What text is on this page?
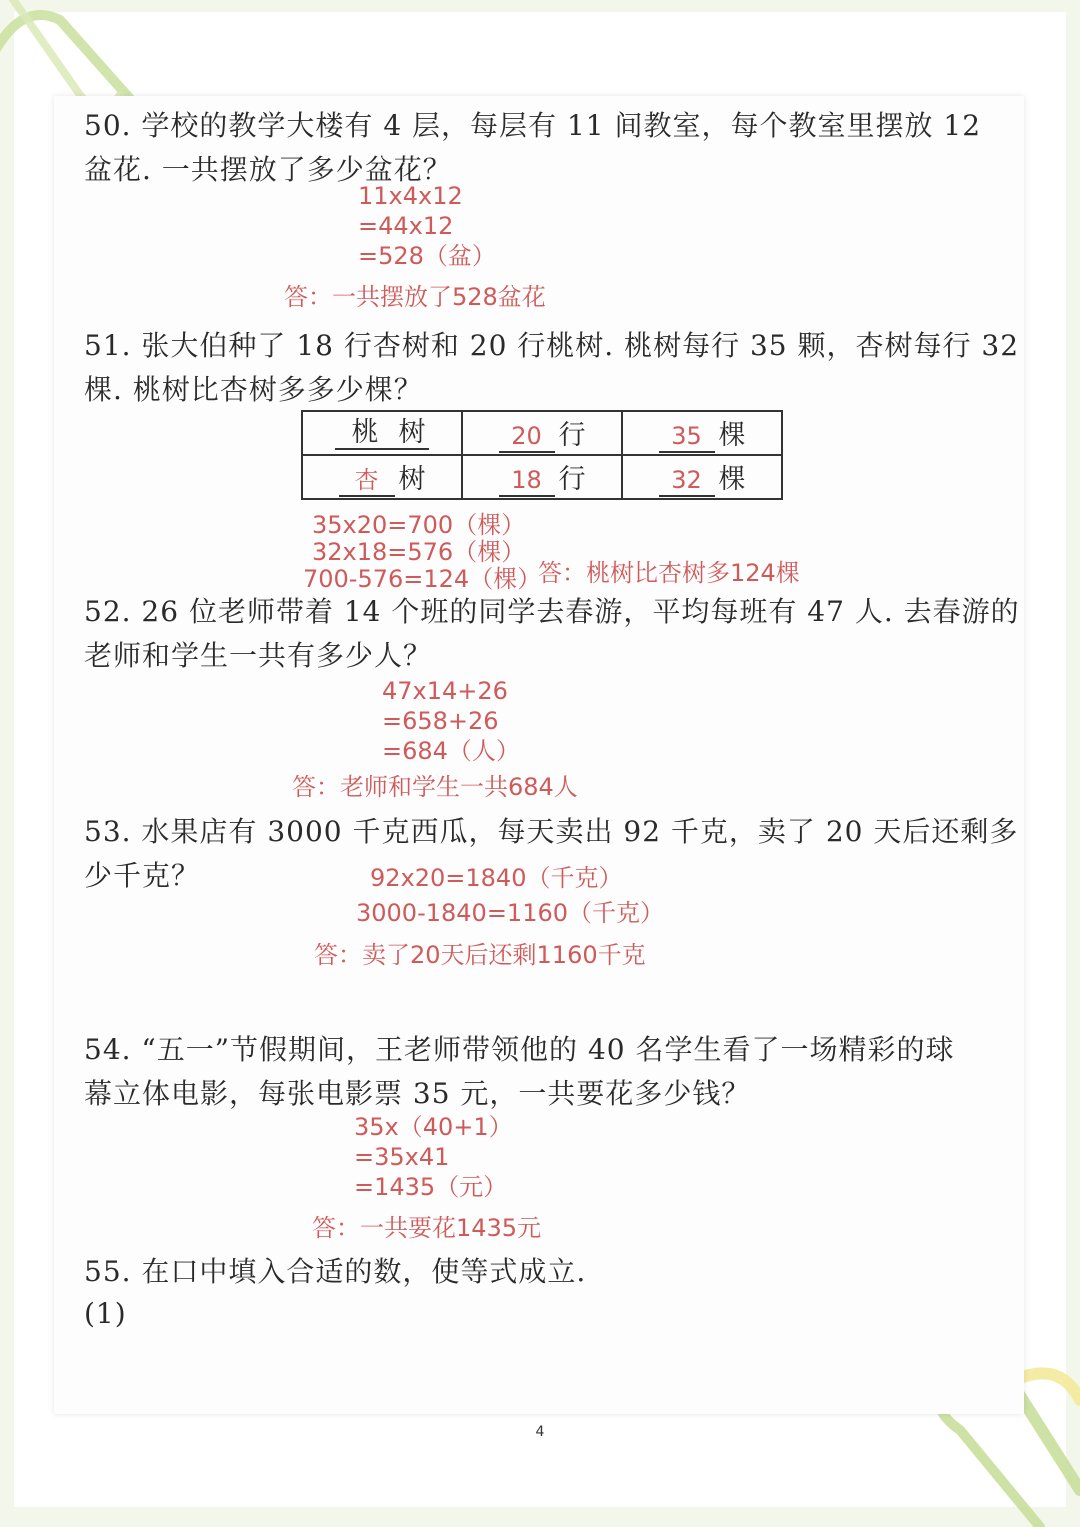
50. 学校的教学大楼有 4 层，每层有 11 间教室，每个教室里摆放 12
盆花. 一共摆放了多少盆花？
11x4x12
=44x12
=528（盆）
答：一共摆放了528盆花
51. 张大伯种了 18 行杏树和 20 行桃树. 桃树每行 35 颗，杏树每行 32
棵. 桃树比杏树多多少棵？
桃 树	20 行	35 棵
杏 树	18 行	32 棵
35x20=700（棵）
32x18=576（棵）
700-576=124（棵）
答：桃树比杏树多124棵
52. 26 位老师带着 14 个班的同学去春游，平均每班有 47 人. 去春游的
老师和学生一共有多少人？
47x14+26
=658+26
=684（人）
答：老师和学生一共684人
53. 水果店有 3000 千克西瓜，每天卖出 92 千克，卖了 20 天后还剩多
少千克？	92x20=1840（千克）
3000-1840=1160（千克）
答：卖了20天后还剩1160千克
54. “五一”节假期间，王老师带领他的 40 名学生看了一场精彩的球
幕立体电影，每张电影票 35 元，一共要花多少钱？
35x（40+1）
=35x41
=1435（元）
答：一共要花1435元
55. 在口中填入合适的数，使等式成立.
(1)
4
